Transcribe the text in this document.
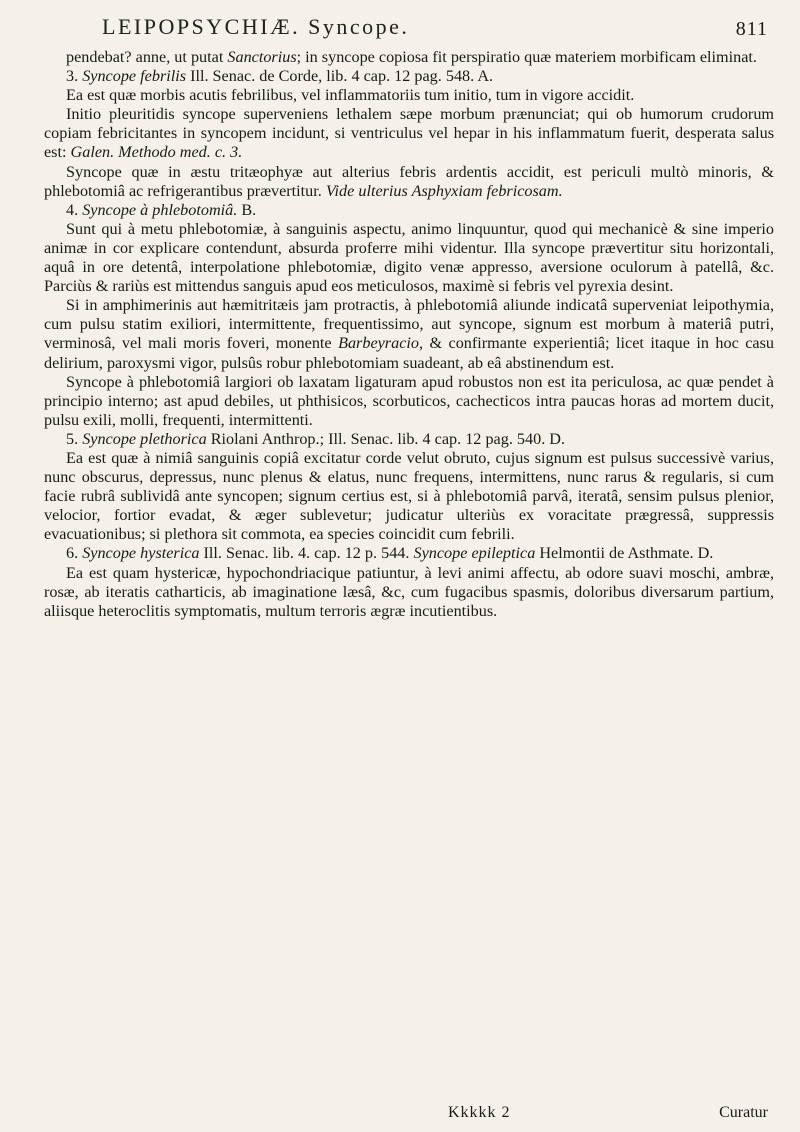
LEIPOPSYCHIÆ. Syncope.	811

pendebat? anne, ut putat Sanctorius; in syncope copiosa fit perspiratio quæ materiem morbificam eliminat.

3. Syncope febrilis Ill. Senac. de Corde, lib. 4 cap. 12 pag. 548. A.

Ea est quæ morbis acutis febrilibus, vel inflammatoriis tum initio, tum in vigore accidit.

Initio pleuritidis syncope superveniens lethalem sæpe morbum prænunciat; qui ob humorum crudorum copiam febricitantes in syncopem incidunt, si ventriculus vel hepar in his inflammatum fuerit, desperata salus est: Galen. Methodo med. c. 3.

Syncope quæ in æstu tritæophyæ aut alterius febris ardentis accidit, est periculi multò minoris, & phlebotomiâ ac refrigerantibus prævertitur. Vide ulterius Asphyxiam febricosam.

4. Syncope à phlebotomiâ. B.

Sunt qui à metu phlebotomiæ, à sanguinis aspectu, animo linquuntur, quod qui mechanicè & sine imperio animæ in cor explicare contendunt, absurda proferre mihi videntur. Illa syncope prævertitur situ horizontali, aquâ in ore detentâ, interpolatione phlebotomiæ, digito venæ appresso, aversione oculorum à patellâ, &c. Parciùs & rariùs est mittendus sanguis apud eos meticulosos, maximè si febris vel pyrexia desint.

Si in amphimerinis aut hæmitritæis jam protractis, à phlebotomiâ aliunde indicatâ superveniat leipothymia, cum pulsu statim exiliori, intermittente, frequentissimo, aut syncope, signum est morbum à materiâ putri, verminosâ, vel mali moris foveri, monente Barbeyracio, & confirmante experientiâ; licet itaque in hoc casu delirium, paroxysmi vigor, pulsûs robur phlebotomiam suadeant, ab eâ abstinendum est.

Syncope à phlebotomiâ largiori ob laxatam ligaturam apud robustos non est ita periculosa, ac quæ pendet à principio interno; ast apud debiles, ut phthisicos, scorbuticos, cachecticos intra paucas horas ad mortem ducit, pulsu exili, molli, frequenti, intermittenti.

5. Syncope plethorica Riolani Anthrop.; Ill. Senac. lib. 4 cap. 12 pag. 540. D.

Ea est quæ à nimiâ sanguinis copiâ excitatur corde velut obruto, cujus signum est pulsus successivè varius, nunc obscurus, depressus, nunc plenus & elatus, nunc frequens, intermittens, nunc rarus & regularis, si cum facie rubrâ sublividâ ante syncopen; signum certius est, si à phlebotomiâ parvâ, iteratâ, sensim pulsus plenior, velocior, fortior evadat, & æger sublevetur; judicatur ulteriùs ex voracitate prægressâ, suppressis evacuationibus; si plethora sit commota, ea species coincidit cum febrili.

6. Syncope hysterica Ill. Senac. lib. 4. cap. 12 p. 544. Syncope epileptica Helmontii de Asthmate. D.

Ea est quam hystericæ, hypochondriacique patiuntur, à levi animi affectu, ab odore suavi moschi, ambræ, rosæ, ab iteratis catharticis, ab imaginatione læsâ, &c, cum fugacibus spasmis, doloribus diversarum partium, aliisque heteroclitis symptomatis, multum terroris ægræ incutientibus.

Kkkkk 2	Curatur
